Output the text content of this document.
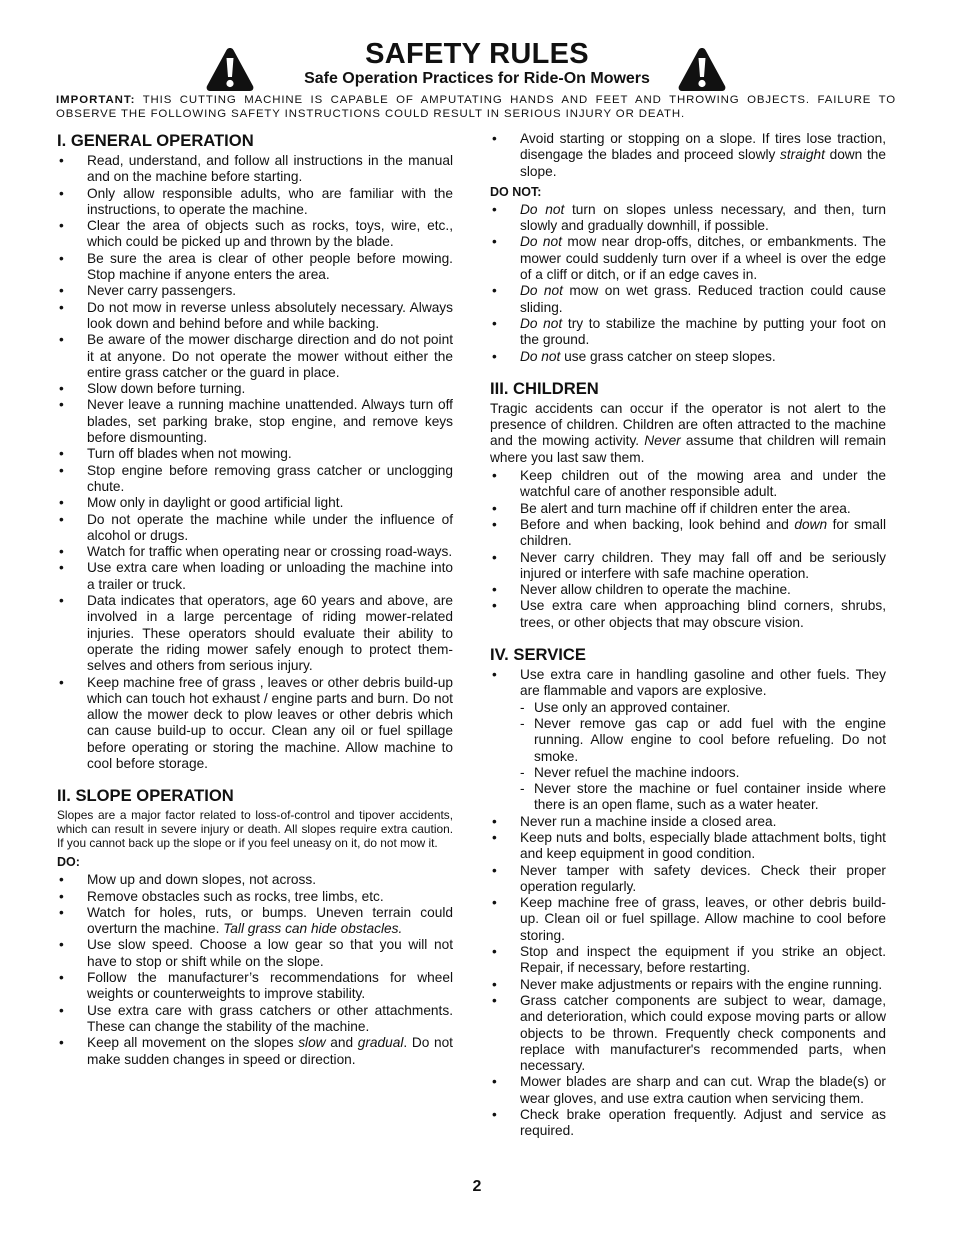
SAFETY RULES
Safe Operation Practices for Ride-On Mowers
IMPORTANT: THIS CUTTING MACHINE IS CAPABLE OF AMPUTATING HANDS AND FEET AND THROWING OBJECTS. FAILURE TO OBSERVE THE FOLLOWING SAFETY INSTRUCTIONS COULD RESULT IN SERIOUS INJURY OR DEATH.
I. GENERAL OPERATION
• Read, understand, and follow all instructions in the manual and on the machine before starting.
• Only allow responsible adults, who are familiar with the instructions, to operate the machine.
• Clear the area of objects such as rocks, toys, wire, etc., which could be picked up and thrown by the blade.
• Be sure the area is clear of other people before mowing. Stop machine if anyone enters the area.
• Never carry passengers.
• Do not mow in reverse unless absolutely necessary. Always look down and behind before and while backing.
• Be aware of the mower discharge direction and do not point it at anyone. Do not operate the mower without either the entire grass catcher or the guard in place.
• Slow down before turning.
• Never leave a running machine unattended. Always turn off blades, set parking brake, stop engine, and remove keys before dismounting.
• Turn off blades when not mowing.
• Stop engine before removing grass catcher or unclogging chute.
• Mow only in daylight or good artificial light.
• Do not operate the machine while under the influence of alcohol or drugs.
• Watch for traffic when operating near or crossing road-ways.
• Use extra care when loading or unloading the machine into a trailer or truck.
• Data indicates that operators, age 60 years and above, are involved in a large percentage of riding mower-related injuries. These operators should evaluate their ability to operate the riding mower safely enough to protect them-selves and others from serious injury.
• Keep machine free of grass , leaves or other debris build-up which can touch hot exhaust / engine parts and burn. Do not allow the mower deck to plow leaves or other debris which can cause build-up to occur. Clean any oil or fuel spillage before operating or storing the machine. Allow machine to cool before storage.
II. SLOPE OPERATION

Slopes are a major factor related to loss-of-control and tipover accidents, which can result in severe injury or death. All slopes require extra caution. If you cannot back up the slope or if you feel uneasy on it, do not mow it.

DO:
• Mow up and down slopes, not across.
• Remove obstacles such as rocks, tree limbs, etc.
• Watch for holes, ruts, or bumps. Uneven terrain could overturn the machine. Tall grass can hide obstacles.
• Use slow speed. Choose a low gear so that you will not have to stop or shift while on the slope.
• Follow the manufacturer’s recommendations for wheel weights or counterweights to improve stability.
• Use extra care with grass catchers or other attachments. These can change the stability of the machine.
• Keep all movement on the slopes slow and gradual. Do not make sudden changes in speed or direction.
• Avoid starting or stopping on a slope. If tires lose traction, disengage the blades and proceed slowly straight down the slope.
DO NOT:
• Do not turn on slopes unless necessary, and then, turn slowly and gradually downhill, if possible.
• Do not mow near drop-offs, ditches, or embankments. The mower could suddenly turn over if a wheel is over the edge of a cliff or ditch, or if an edge caves in.
• Do not mow on wet grass. Reduced traction could cause sliding.
• Do not try to stabilize the machine by putting your foot on the ground.
• Do not use grass catcher on steep slopes.
III. CHILDREN

Tragic accidents can occur if the operator is not alert to the presence of children. Children are often attracted to the machine and the mowing activity. Never assume that children will remain where you last saw them.

• Keep children out of the mowing area and under the watchful care of another responsible adult.
• Be alert and turn machine off if children enter the area.
• Before and when backing, look behind and down for small children.
• Never carry children. They may fall off and be seriously injured or interfere with safe machine operation.
• Never allow children to operate the machine.
• Use extra care when approaching blind corners, shrubs, trees, or other objects that may obscure vision.
IV. SERVICE
• Use extra care in handling gasoline and other fuels. They are flammable and vapors are explosive.
- Use only an approved container.
- Never remove gas cap or add fuel with the engine running. Allow engine to cool before refueling. Do not smoke.
- Never refuel the machine indoors.
- Never store the machine or fuel container inside where there is an open flame, such as a water heater.
• Never run a machine inside a closed area.
• Keep nuts and bolts, especially blade attachment bolts, tight and keep equipment in good condition.
• Never tamper with safety devices. Check their proper operation regularly.
• Keep machine free of grass, leaves, or other debris build-up. Clean oil or fuel spillage. Allow machine to cool before storing.
• Stop and inspect the equipment if you strike an object. Repair, if necessary, before restarting.
• Never make adjustments or repairs with the engine running.
• Grass catcher components are subject to wear, damage, and deterioration, which could expose moving parts or allow objects to be thrown. Frequently check components and replace with manufacturer's recommended parts, when necessary.
• Mower blades are sharp and can cut. Wrap the blade(s) or wear gloves, and use extra caution when servicing them.
• Check brake operation frequently. Adjust and service as required.
2
